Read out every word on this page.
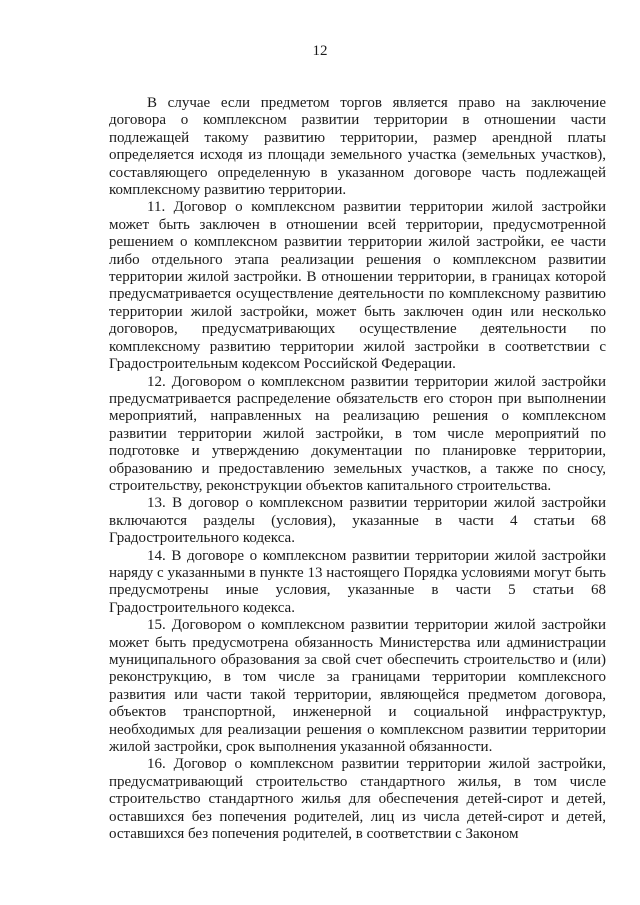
12

В случае если предметом торгов является право на заключение договора о комплексном развитии территории в отношении части подлежащей такому развитию территории, размер арендной платы определяется исходя из площади земельного участка (земельных участков), составляющего определенную в указанном договоре часть подлежащей комплексному развитию территории.

11. Договор о комплексном развитии территории жилой застройки может быть заключен в отношении всей территории, предусмотренной решением о комплексном развитии территории жилой застройки, ее части либо отдельного этапа реализации решения о комплексном развитии территории жилой застройки. В отношении территории, в границах которой предусматривается осуществление деятельности по комплексному развитию территории жилой застройки, может быть заключен один или несколько договоров, предусматривающих осуществление деятельности по комплексному развитию территории жилой застройки в соответствии с Градостроительным кодексом Российской Федерации.

12. Договором о комплексном развитии территории жилой застройки предусматривается распределение обязательств его сторон при выполнении мероприятий, направленных на реализацию решения о комплексном развитии территории жилой застройки, в том числе мероприятий по подготовке и утверждению документации по планировке территории, образованию и предоставлению земельных участков, а также по сносу, строительству, реконструкции объектов капитального строительства.

13. В договор о комплексном развитии территории жилой застройки включаются разделы (условия), указанные в части 4 статьи 68 Градостроительного кодекса.

14. В договоре о комплексном развитии территории жилой застройки наряду с указанными в пункте 13 настоящего Порядка условиями могут быть предусмотрены иные условия, указанные в части 5 статьи 68 Градостроительного кодекса.

15. Договором о комплексном развитии территории жилой застройки может быть предусмотрена обязанность Министерства или администрации муниципального образования за свой счет обеспечить строительство и (или) реконструкцию, в том числе за границами территории комплексного развития или части такой территории, являющейся предметом договора, объектов транспортной, инженерной и социальной инфраструктур, необходимых для реализации решения о комплексном развитии территории жилой застройки, срок выполнения указанной обязанности.

16. Договор о комплексном развитии территории жилой застройки, предусматривающий строительство стандартного жилья, в том числе строительство стандартного жилья для обеспечения детей-сирот и детей, оставшихся без попечения родителей, лиц из числа детей-сирот и детей, оставшихся без попечения родителей, в соответствии с Законом
